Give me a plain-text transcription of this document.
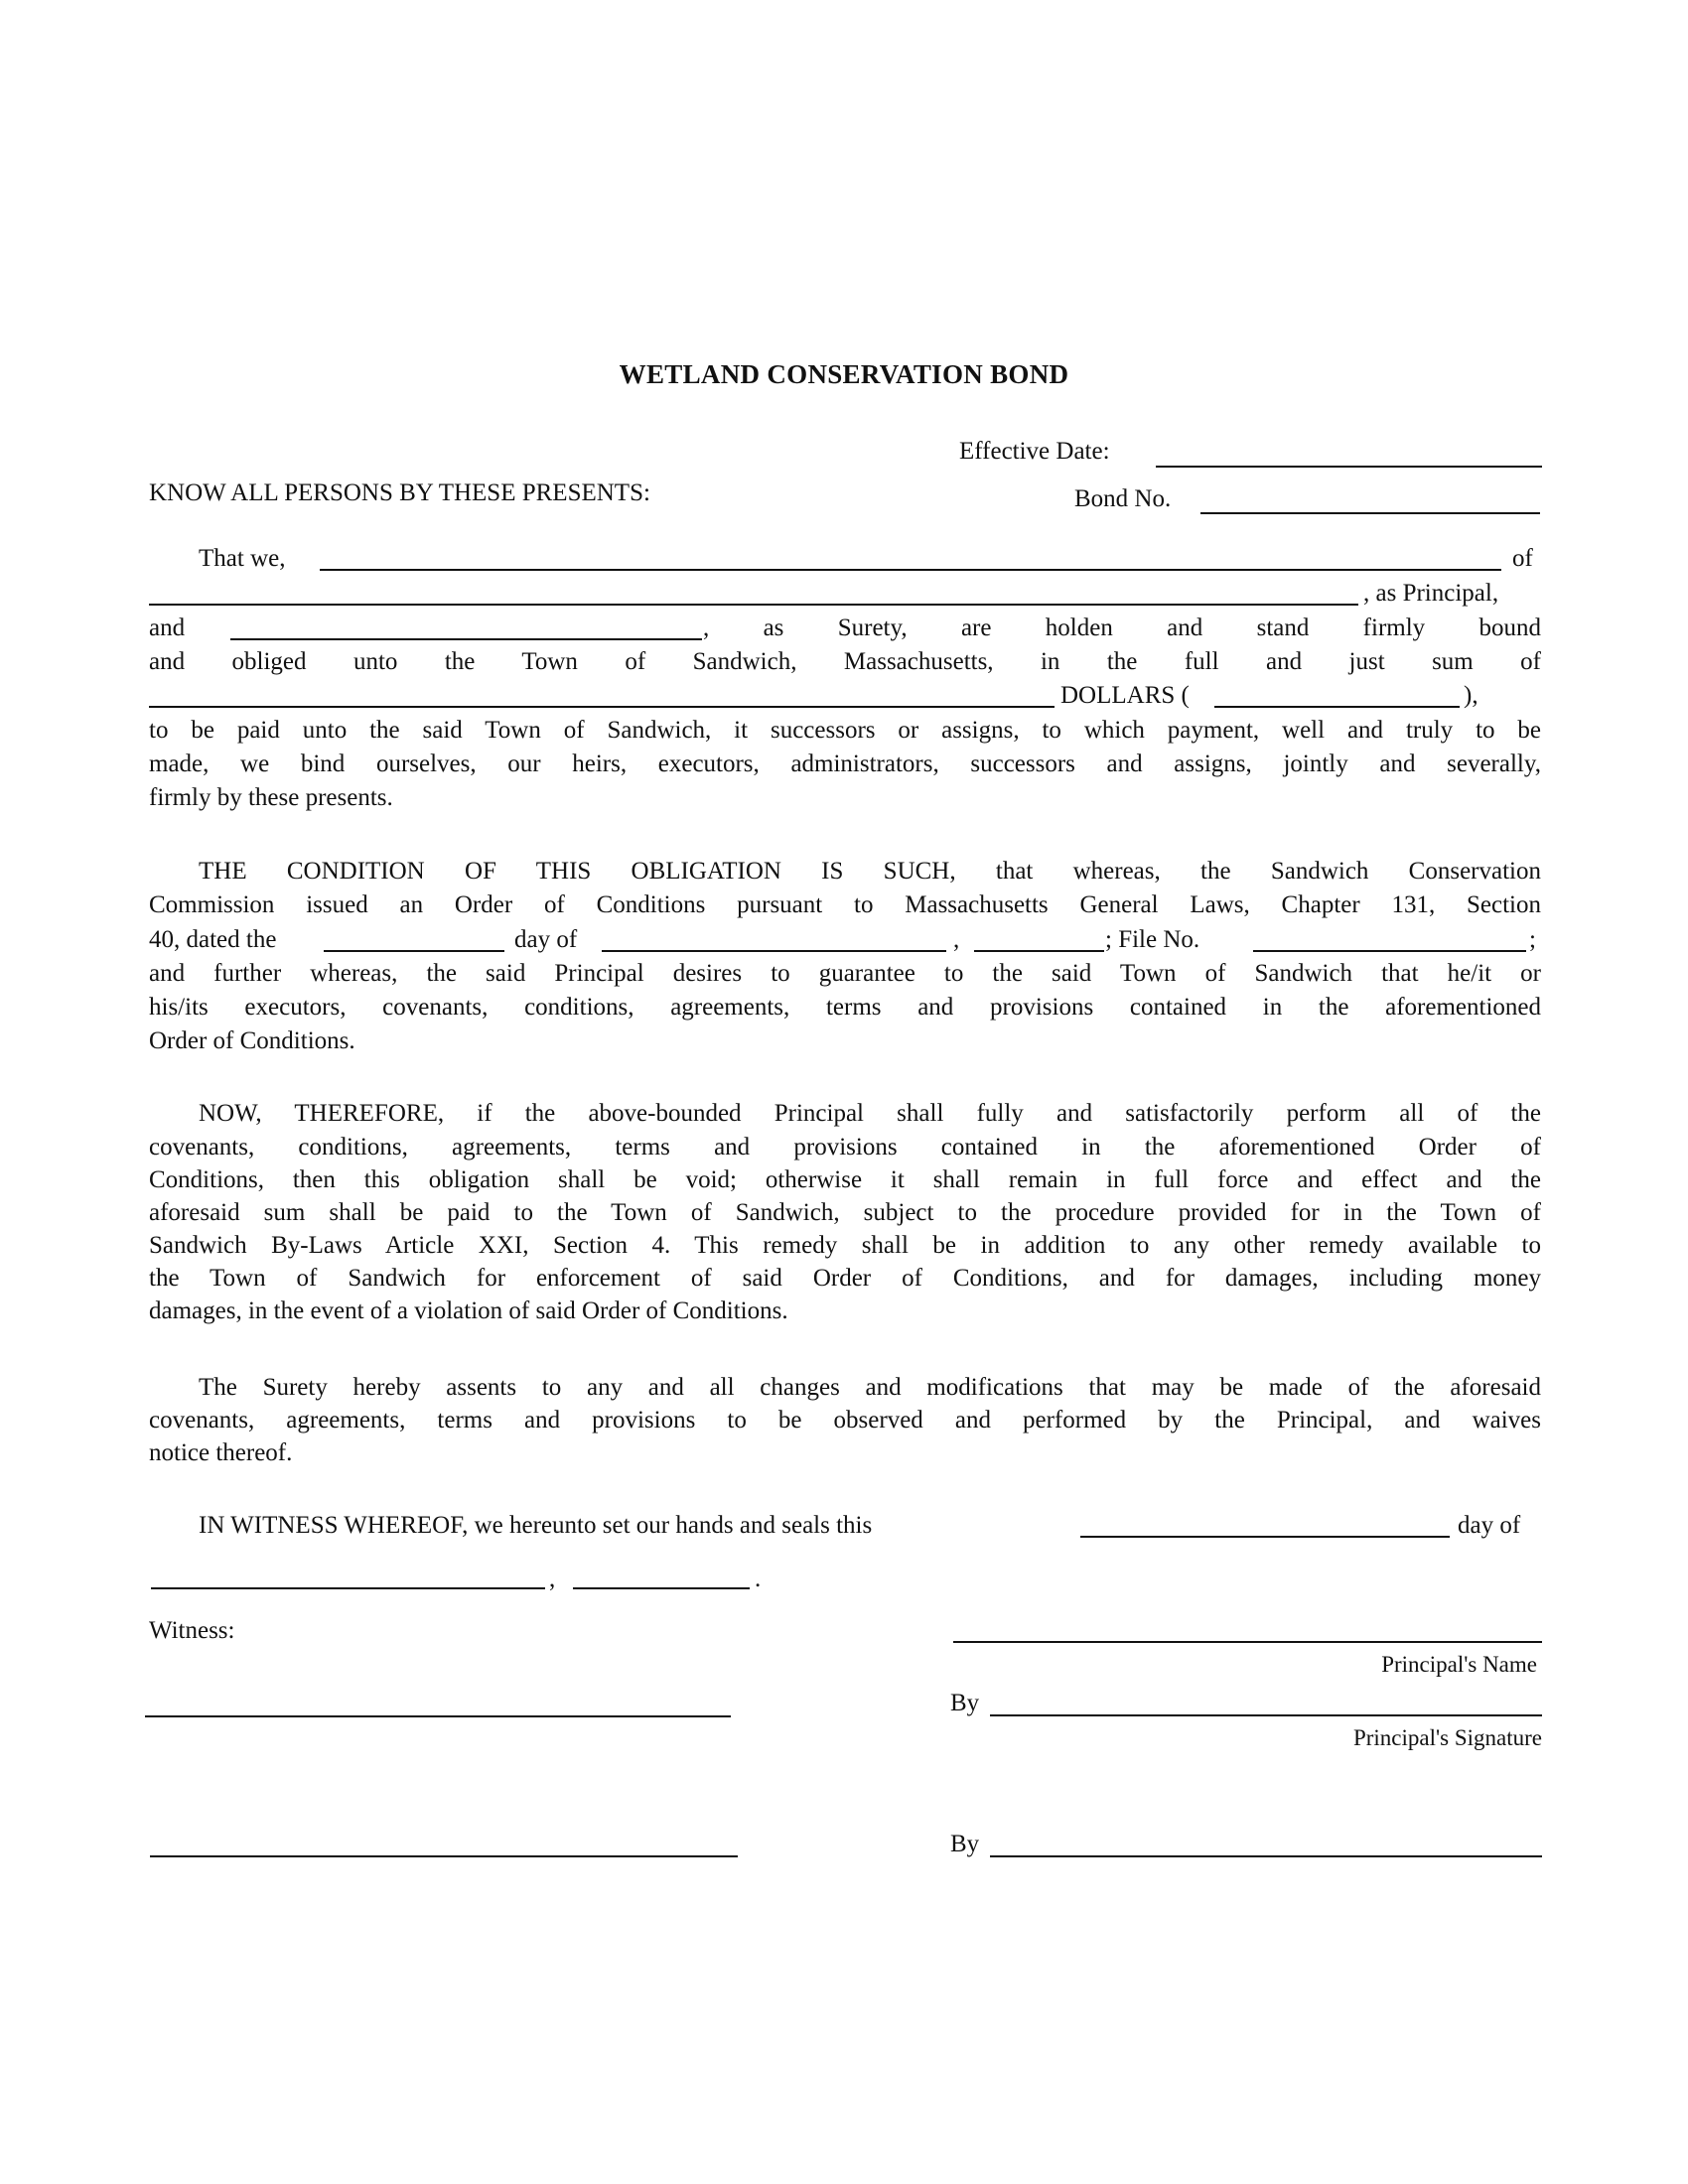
WETLAND CONSERVATION BOND
Effective Date:
KNOW ALL PERSONS BY THESE PRESENTS:	Bond No.
That we,	of
, as Principal,
and	, as Surety, are holden and stand firmly bound
and obliged unto the Town of Sandwich, Massachusetts, in the full and just sum of
DOLLARS (	),
to be paid unto the said Town of Sandwich, it successors or assigns, to which payment, well and truly to be
made, we bind ourselves, our heirs, executors, administrators, successors and assigns, jointly and severally,
firmly by these presents.
THE CONDITION OF THIS OBLIGATION IS SUCH, that whereas, the Sandwich Conservation
Commission issued an Order of Conditions pursuant to Massachusetts General Laws, Chapter 131, Section
40, dated the	day of	,	; File No.	;
and further whereas, the said Principal desires to guarantee to the said Town of Sandwich that he/it or
his/its executors, covenants, conditions, agreements, terms and provisions contained in the aforementioned
Order of Conditions.
NOW, THEREFORE, if the above-bounded Principal shall fully and satisfactorily perform all of the
covenants, conditions, agreements, terms and provisions contained in the aforementioned Order of
Conditions, then this obligation shall be void; otherwise it shall remain in full force and effect and the
aforesaid sum shall be paid to the Town of Sandwich, subject to the procedure provided for in the Town of
Sandwich By-Laws Article XXI, Section 4. This remedy shall be in addition to any other remedy available to
the Town of Sandwich for enforcement of said Order of Conditions, and for damages, including money
damages, in the event of a violation of said Order of Conditions.
The Surety hereby assents to any and all changes and modifications that may be made of the aforesaid
covenants, agreements, terms and provisions to be observed and performed by the Principal, and waives
notice thereof.
IN WITNESS WHEREOF, we hereunto set our hands and seals this	day of
,	.
Witness:
Principal's Name
By
Principal's Signature
By
